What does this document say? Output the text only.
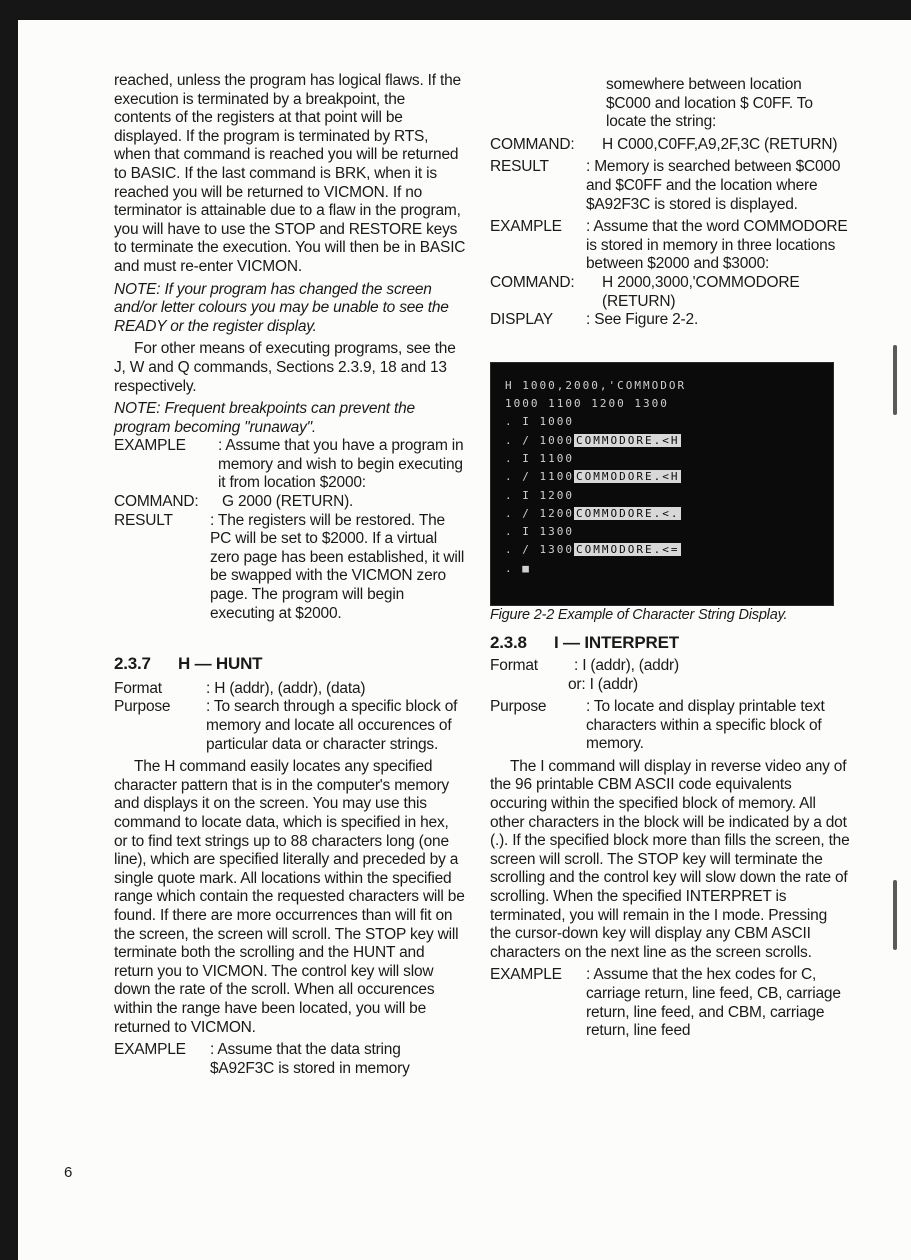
reached, unless the program has logical flaws. If the execution is terminated by a breakpoint, the contents of the registers at that point will be displayed. If the program is terminated by RTS, when that command is reached you will be returned to BASIC. If the last command is BRK, when it is reached you will be returned to VICMON. If no terminator is attainable due to a flaw in the program, you will have to use the STOP and RESTORE keys to terminate the execution. You will then be in BASIC and must re-enter VICMON.

NOTE: If your program has changed the screen and/or letter colours you may be unable to see the READY or the register display.

For other means of executing programs, see the J, W and Q commands, Sections 2.3.9, 18 and 13 respectively.

NOTE: Frequent breakpoints can prevent the program becoming "runaway".

EXAMPLE	: Assume that you have a program in memory and wish to begin executing it from location $2000:
COMMAND:	G 2000 (RETURN).
RESULT	: The registers will be restored. The PC will be set to $2000. If a virtual zero page has been established, it will be swapped with the VICMON zero page. The program will begin executing at $2000.
2.3.7 H — HUNT
Format	: H (addr), (addr), (data)
Purpose	: To search through a specific block of memory and locate all occurences of particular data or character strings.

The H command easily locates any specified character pattern that is in the computer's memory and displays it on the screen. You may use this command to locate data, which is specified in hex, or to find text strings up to 88 characters long (one line), which are specified literally and preceded by a single quote mark. All locations within the specified range which contain the requested characters will be found. If there are more occurrences than will fit on the screen, the screen will scroll. The STOP key will terminate both the scrolling and the HUNT and return you to VICMON. The control key will slow down the rate of the scroll. When all occurences within the range have been located, you will be returned to VICMON.

EXAMPLE	: Assume that the data string $A92F3C is stored in memory

somewhere between location $C000 and location $ C0FF. To locate the string:

COMMAND:	H C000,C0FF,A9,2F,3C (RETURN)
RESULT	: Memory is searched between $C000 and $C0FF and the location where $A92F3C is stored is displayed.
EXAMPLE	: Assume that the word COMMODORE is stored in memory in three locations between $2000 and $3000:
COMMAND:	H 2000,3000,'COMMODORE (RETURN)
DISPLAY	: See Figure 2-2.
H 1000,2000,'COMMODOR
1000 1100 1200 1300
. I 1000
. / 1000 COMMODORE.<H
. I 1100
. / 1100 COMMODORE.<H
. I 1200
. / 1200 COMMODORE.<.
. I 1300
. / 1300 COMMODORE.<=
. ■

Figure 2-2 Example of Character String Display.

2.3.8 I — INTERPRET
Format	: I (addr), (addr)

or: I (addr)

Purpose	: To locate and display printable text characters within a specific block of memory.

The I command will display in reverse video any of the 96 printable CBM ASCII code equivalents occuring within the specified block of memory. All other characters in the block will be indicated by a dot (.). If the specified block more than fills the screen, the screen will scroll. The STOP key will terminate the scrolling and the control key will slow down the rate of scrolling. When the specified INTERPRET is terminated, you will remain in the I mode. Pressing the cursor-down key will display any CBM ASCII characters on the next line as the screen scrolls.

EXAMPLE	: Assume that the hex codes for C, carriage return, line feed, CB, carriage return, line feed, and CBM, carriage return, line feed
6
